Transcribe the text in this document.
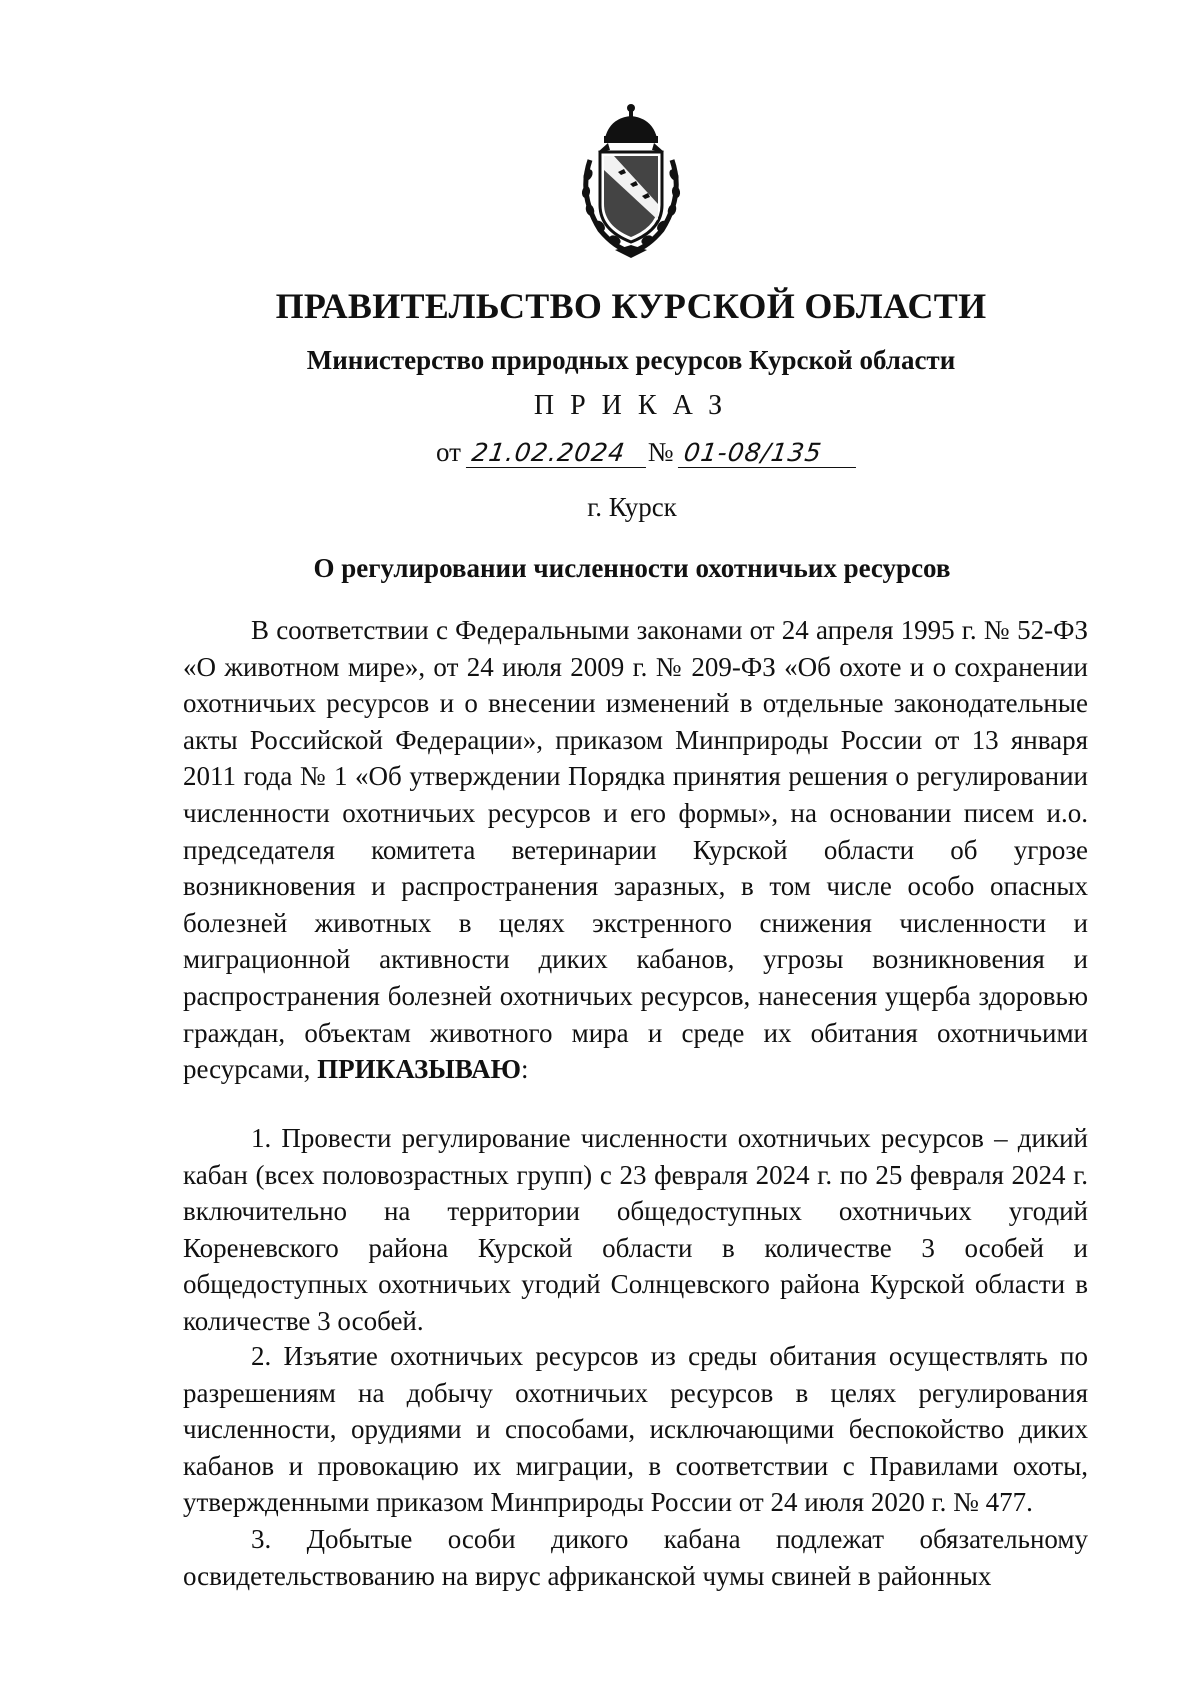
ПРАВИТЕЛЬСТВО КУРСКОЙ ОБЛАСТИ
Министерство природных ресурсов Курской области
ПРИКАЗ
от 21.02.2024 № 01-08/135
г. Курск
О регулировании численности охотничьих ресурсов

В соответствии с Федеральными законами от 24 апреля 1995 г. № 52-ФЗ «О животном мире», от 24 июля 2009 г. № 209-ФЗ «Об охоте и о сохранении охотничьих ресурсов и о внесении изменений в отдельные законодательные акты Российской Федерации», приказом Минприроды России от 13 января 2011 года № 1 «Об утверждении Порядка принятия решения о регулировании численности охотничьих ресурсов и его формы», на основании писем и.о. председателя комитета ветеринарии Курской области об угрозе возникновения и распространения заразных, в том числе особо опасных болезней животных в целях экстренного снижения численности и миграционной активности диких кабанов, угрозы возникновения и распространения болезней охотничьих ресурсов, нанесения ущерба здоровью граждан, объектам животного мира и среде их обитания охотничьими ресурсами, ПРИКАЗЫВАЮ:

1. Провести регулирование численности охотничьих ресурсов – дикий кабан (всех половозрастных групп) с 23 февраля 2024 г. по 25 февраля 2024 г. включительно на территории общедоступных охотничьих угодий Кореневского района Курской области в количестве 3 особей и общедоступных охотничьих угодий Солнцевского района Курской области в количестве 3 особей.

2. Изъятие охотничьих ресурсов из среды обитания осуществлять по разрешениям на добычу охотничьих ресурсов в целях регулирования численности, орудиями и способами, исключающими беспокойство диких кабанов и провокацию их миграции, в соответствии с Правилами охоты, утвержденными приказом Минприроды России от 24 июля 2020 г. № 477.

3. Добытые особи дикого кабана подлежат обязательному освидетельствованию на вирус африканской чумы свиней в районных
